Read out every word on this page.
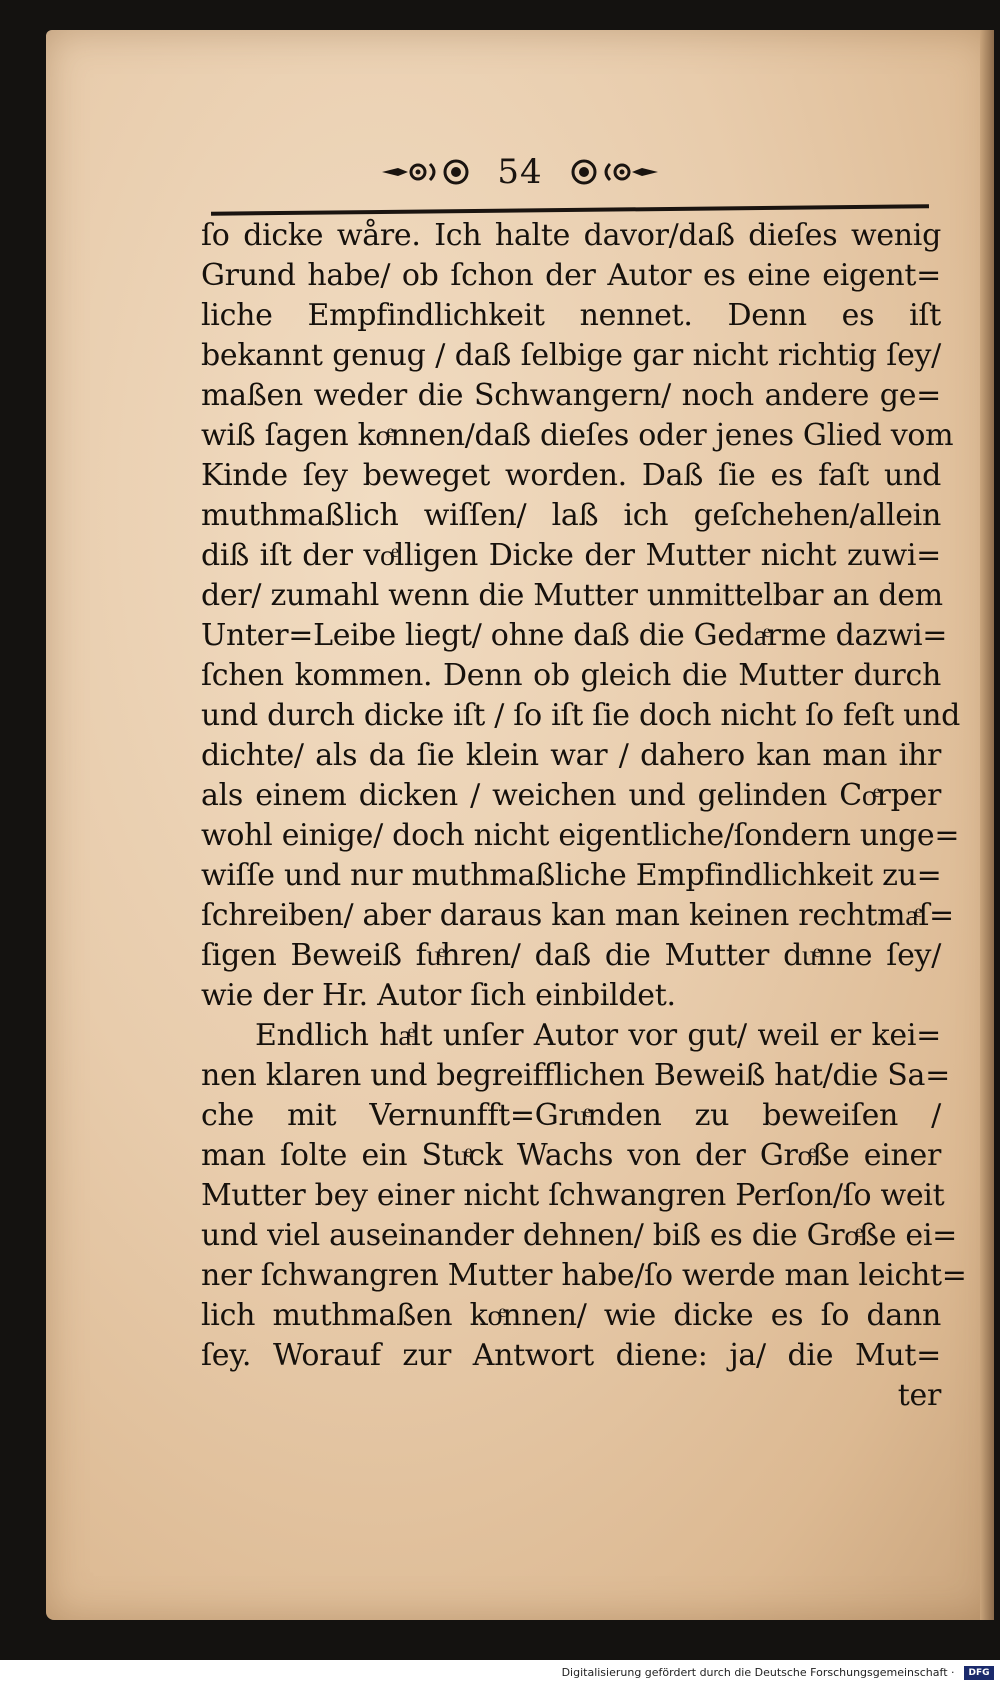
54
ſo dicke wåre. Ich halte davor/daß dieſes wenig
Grund habe/ ob ſchon der Autor es eine eigent=
liche Empfindlichkeit nennet. Denn es iſt
bekannt genug / daß ſelbige gar nicht richtig ſey/
maßen weder die Schwangern/ noch andere ge=
wiß ſagen koͤnnen/daß dieſes oder jenes Glied vom
Kinde ſey beweget worden. Daß ſie es faſt und
muthmaßlich wiſſen/ laß ich geſchehen/allein
diß iſt der voͤlligen Dicke der Mutter nicht zuwi=
der/ zumahl wenn die Mutter unmittelbar an dem
Unter=Leibe liegt/ ohne daß die Gedaͤrme dazwi=
ſchen kommen. Denn ob gleich die Mutter durch
und durch dicke iſt / ſo iſt ſie doch nicht ſo feſt und
dichte/ als da ſie klein war / dahero kan man ihr
als einem dicken / weichen und gelinden Coͤrper
wohl einige/ doch nicht eigentliche/ſondern unge=
wiſſe und nur muthmaßliche Empfindlichkeit zu=
ſchreiben/ aber daraus kan man keinen rechtmaͤſ=
ſigen Beweiß fuͤhren/ daß die Mutter duͤnne ſey/
wie der Hr. Autor ſich einbildet.
Endlich haͤlt unſer Autor vor gut/ weil er kei=
nen klaren und begreifflichen Beweiß hat/die Sa=
che mit Vernunfft=Gruͤnden zu beweiſen /
man ſolte ein Stuͤck Wachs von der Groͤße einer
Mutter bey einer nicht ſchwangren Perſon/ſo weit
und viel auseinander dehnen/ biß es die Groͤße ei=
ner ſchwangren Mutter habe/ſo werde man leicht=
lich muthmaßen koͤnnen/ wie dicke es ſo dann
ſey. Worauf zur Antwort diene: ja/ die Mut=
ter
Digitalisierung gefördert durch die Deutsche Forschungsgemeinschaft · DFG
